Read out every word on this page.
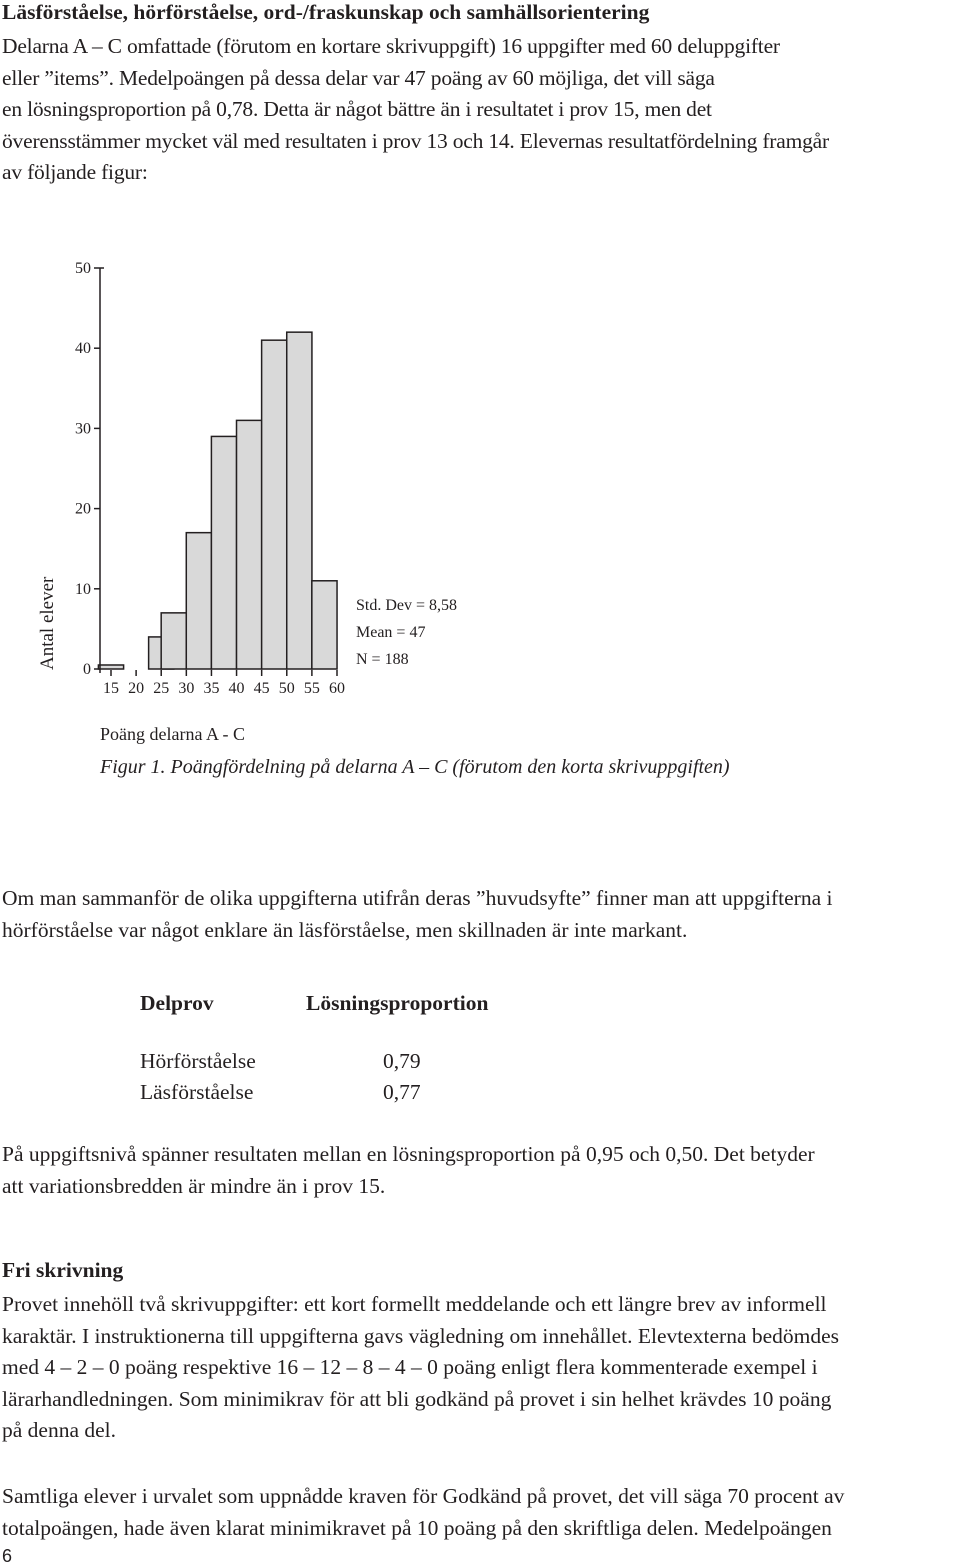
Läsförståelse, hörförståelse, ord-/fraskunskap och samhällsorientering
Delarna A – C omfattade (förutom en kortare skrivuppgift) 16 uppgifter med 60 deluppgifter
eller ”items”. Medelpoängen på dessa delar var 47 poäng av 60 möjliga, det vill säga
en lösningsproportion på 0,78. Detta är något bättre än i resultatet i prov 15, men det
överensstämmer mycket väl med resultaten i prov 13 och 14. Elevernas resultatfördelning framgår
av följande figur:
0
10
20
30
40
50
15 20 25 30 35 40 45 50 55 60
Antal elever
Poäng delarna A - C
Std. Dev = 8,58
Mean = 47
N = 188
Figur 1. Poängfördelning på delarna A – C (förutom den korta skrivuppgiften)
Om man sammanför de olika uppgifterna utifrån deras ”huvudsyfte” finner man att uppgifterna i
hörförståelse var något enklare än läsförståelse, men skillnaden är inte markant.
Delprov	Lösningsproportion
Hörförståelse	0,79
Läsförståelse	0,77
På uppgiftsnivå spänner resultaten mellan en lösningsproportion på 0,95 och 0,50. Det betyder
att variationsbredden är mindre än i prov 15.
Fri skrivning
Provet innehöll två skrivuppgifter: ett kort formellt meddelande och ett längre brev av informell
karaktär. I instruktionerna till uppgifterna gavs vägledning om innehållet. Elevtexterna bedömdes
med 4 – 2 – 0 poäng respektive 16 – 12 – 8 – 4 – 0 poäng enligt flera kommenterade exempel i
lärarhandledningen. Som minimikrav för att bli godkänd på provet i sin helhet krävdes 10 poäng
på denna del.
Samtliga elever i urvalet som uppnådde kraven för Godkänd på provet, det vill säga 70 procent av
totalpoängen, hade även klarat minimikravet på 10 poäng på den skriftliga delen. Medelpoängen
6
